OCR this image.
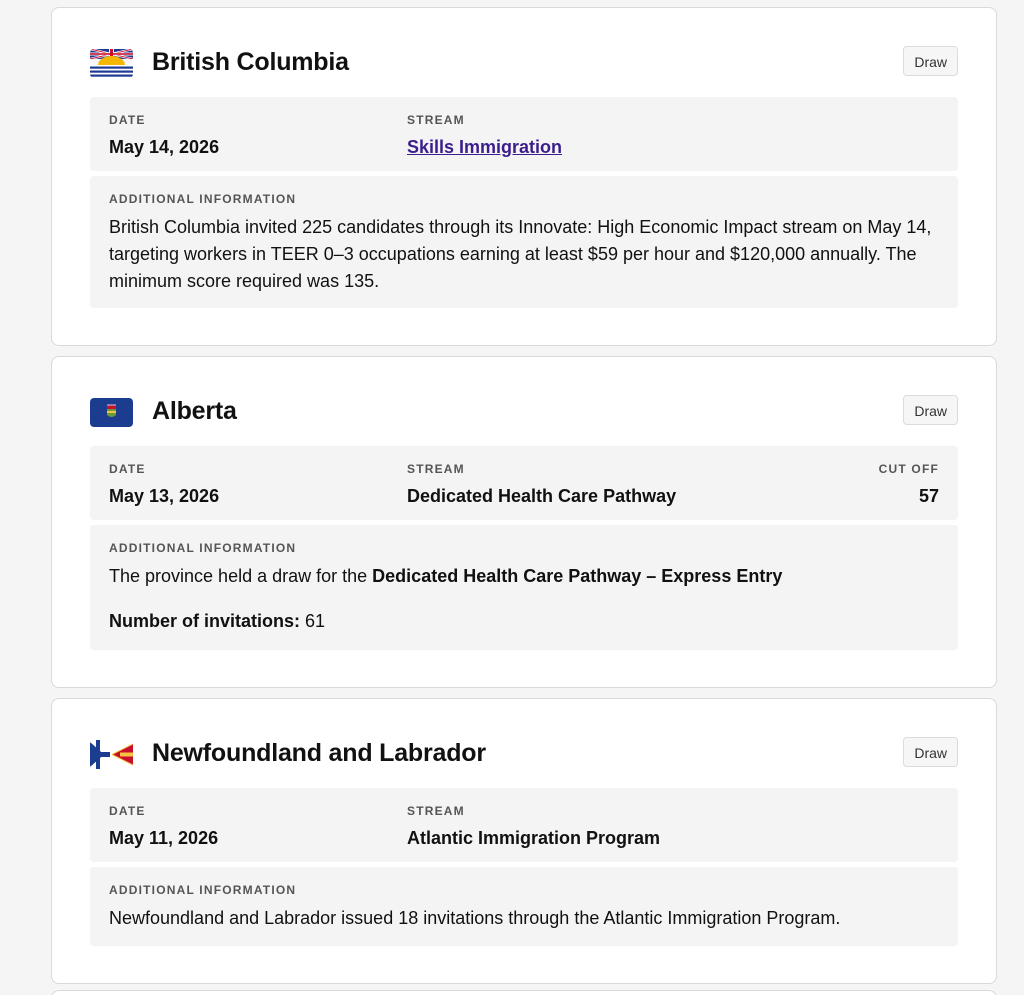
British Columbia	Draw
DATE
May 14, 2026
STREAM
Skills Immigration
ADDITIONAL INFORMATION
British Columbia invited 225 candidates through its Innovate: High Economic Impact stream on May 14, targeting workers in TEER 0–3 occupations earning at least $59 per hour and $120,000 annually. The minimum score required was 135.
Alberta	Draw
DATE
May 13, 2026
STREAM
Dedicated Health Care Pathway
CUT OFF
57
ADDITIONAL INFORMATION
The province held a draw for the Dedicated Health Care Pathway – Express Entry
Number of invitations: 61
Newfoundland and Labrador	Draw
DATE
May 11, 2026
STREAM
Atlantic Immigration Program
ADDITIONAL INFORMATION
Newfoundland and Labrador issued 18 invitations through the Atlantic Immigration Program.
